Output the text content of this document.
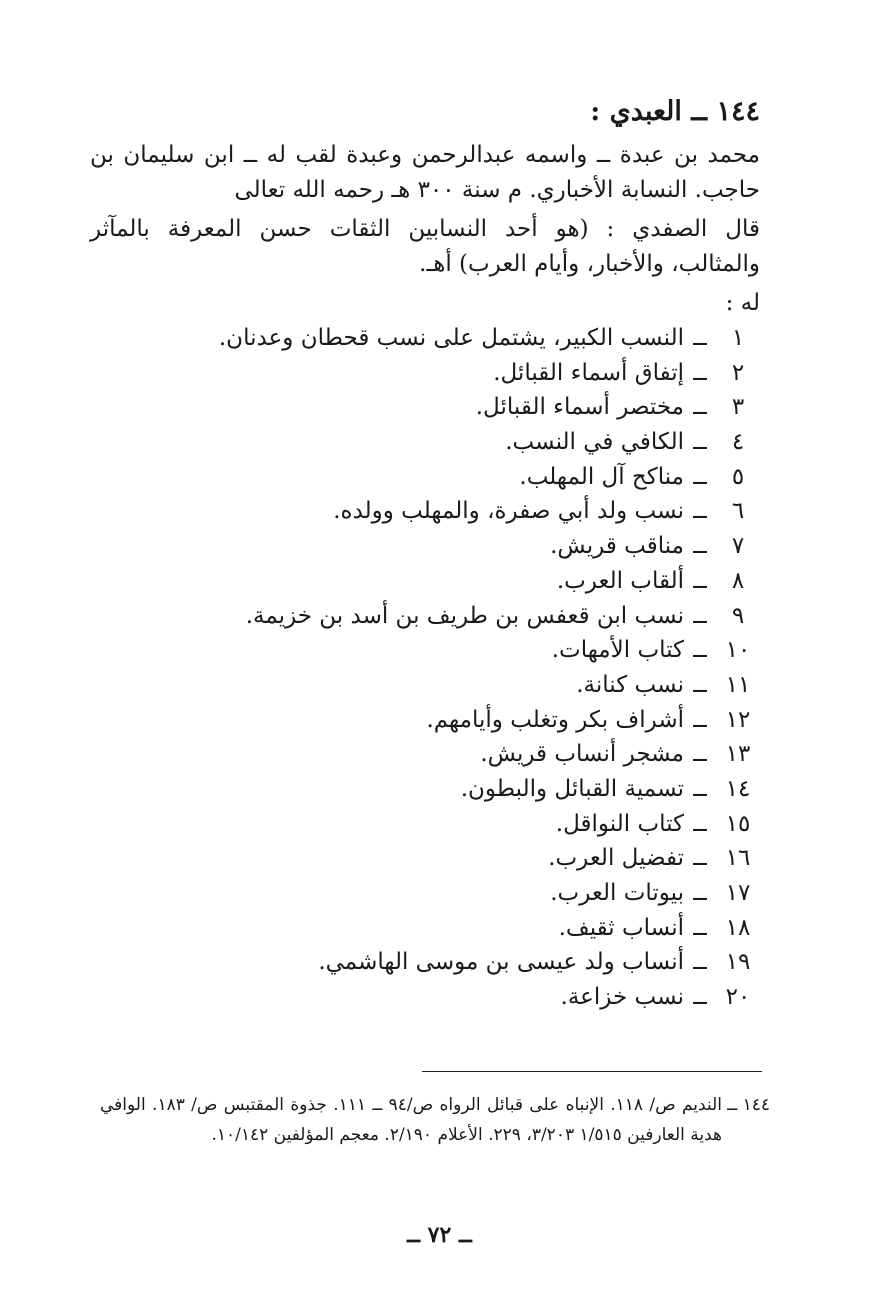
١٤٤ ــ العبدي :
محمد بن عبدة ــ واسمه عبدالرحمن وعبدة لقب له ــ ابن سليمان بن حاجب. النسابة الأخباري. م سنة ٣٠٠ هـ رحمه الله تعالى
قال الصفدي : (هو أحد النسابين الثقات حسن المعرفة بالمآثر والمثالب، والأخبار، وأيام العرب) أهـ.
له :
١ــالنسب الكبير، يشتمل على نسب قحطان وعدنان.
٢ــإتفاق أسماء القبائل.
٣ــمختصر أسماء القبائل.
٤ــالكافي في النسب.
٥ــمناكح آل المهلب.
٦ــنسب ولد أبي صفرة، والمهلب وولده.
٧ــمناقب قريش.
٨ــألقاب العرب.
٩ــنسب ابن قعفس بن طريف بن أسد بن خزيمة.
١٠ــكتاب الأمهات.
١١ــنسب كنانة.
١٢ــأشراف بكر وتغلب وأيامهم.
١٣ــمشجر أنساب قريش.
١٤ــتسمية القبائل والبطون.
١٥ــكتاب النواقل.
١٦ــتفضيل العرب.
١٧ــبيوتات العرب.
١٨ــأنساب ثقيف.
١٩ــأنساب ولد عيسى بن موسى الهاشمي.
٢٠ــنسب خزاعة.
١٤٤ ــ
النديم ص/ ١١٨. الإنباه على قبائل الرواه ص/٩٤ ــ ١١١. جذوة المقتبس ص/ ١٨٣. الوافي هدية العارفين ١/٥١٥ ٣/٢٠٣، ٢٢٩. الأعلام ٢/١٩٠. معجم المؤلفين ١٠/١٤٢.
ــ ٧٢ ــ
